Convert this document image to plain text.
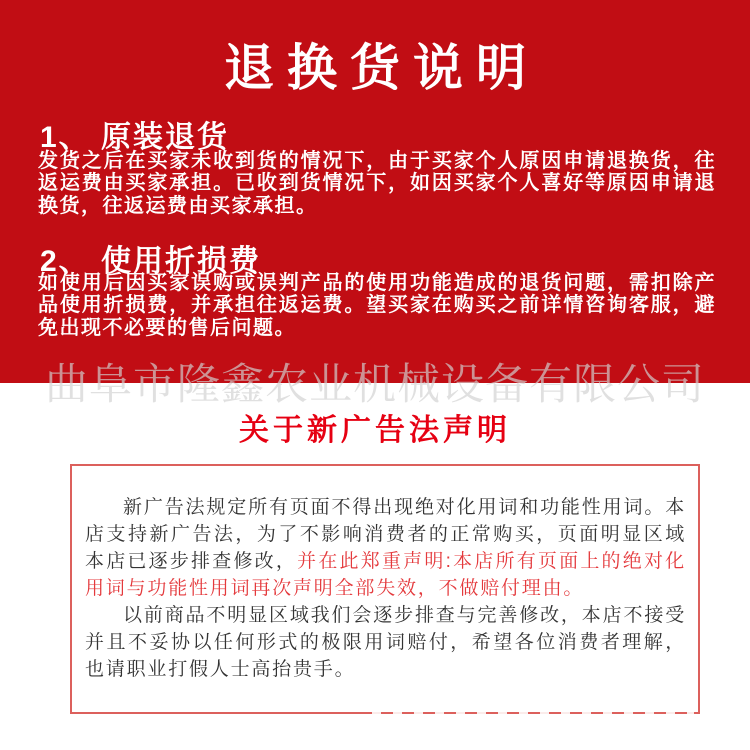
退换货说明
1、 原装退货

发货之后在买家未收到货的情况下，由于买家个人原因申请退换货，往返运费由买家承担。已收到货情况下，如因买家个人喜好等原因申请退换货，往返运费由买家承担。

2、 使用折损费

如使用后因买家误购或误判产品的使用功能造成的退货问题，需扣除产品使用折损费，并承担往返运费。望买家在购买之前详情咨询客服，避免出现不必要的售后问题。

曲阜市隆鑫农业机械设备有限公司
关于新广告法声明

新广告法规定所有页面不得出现绝对化用词和功能性用词。本店支持新广告法，为了不影响消费者的正常购买，页面明显区域本店已逐步排查修改，并在此郑重声明:本店所有页面上的绝对化用词与功能性用词再次声明全部失效，不做赔付理由。

以前商品不明显区域我们会逐步排查与完善修改，本店不接受并且不妥协以任何形式的极限用词赔付，希望各位消费者理解，也请职业打假人士高抬贵手。
